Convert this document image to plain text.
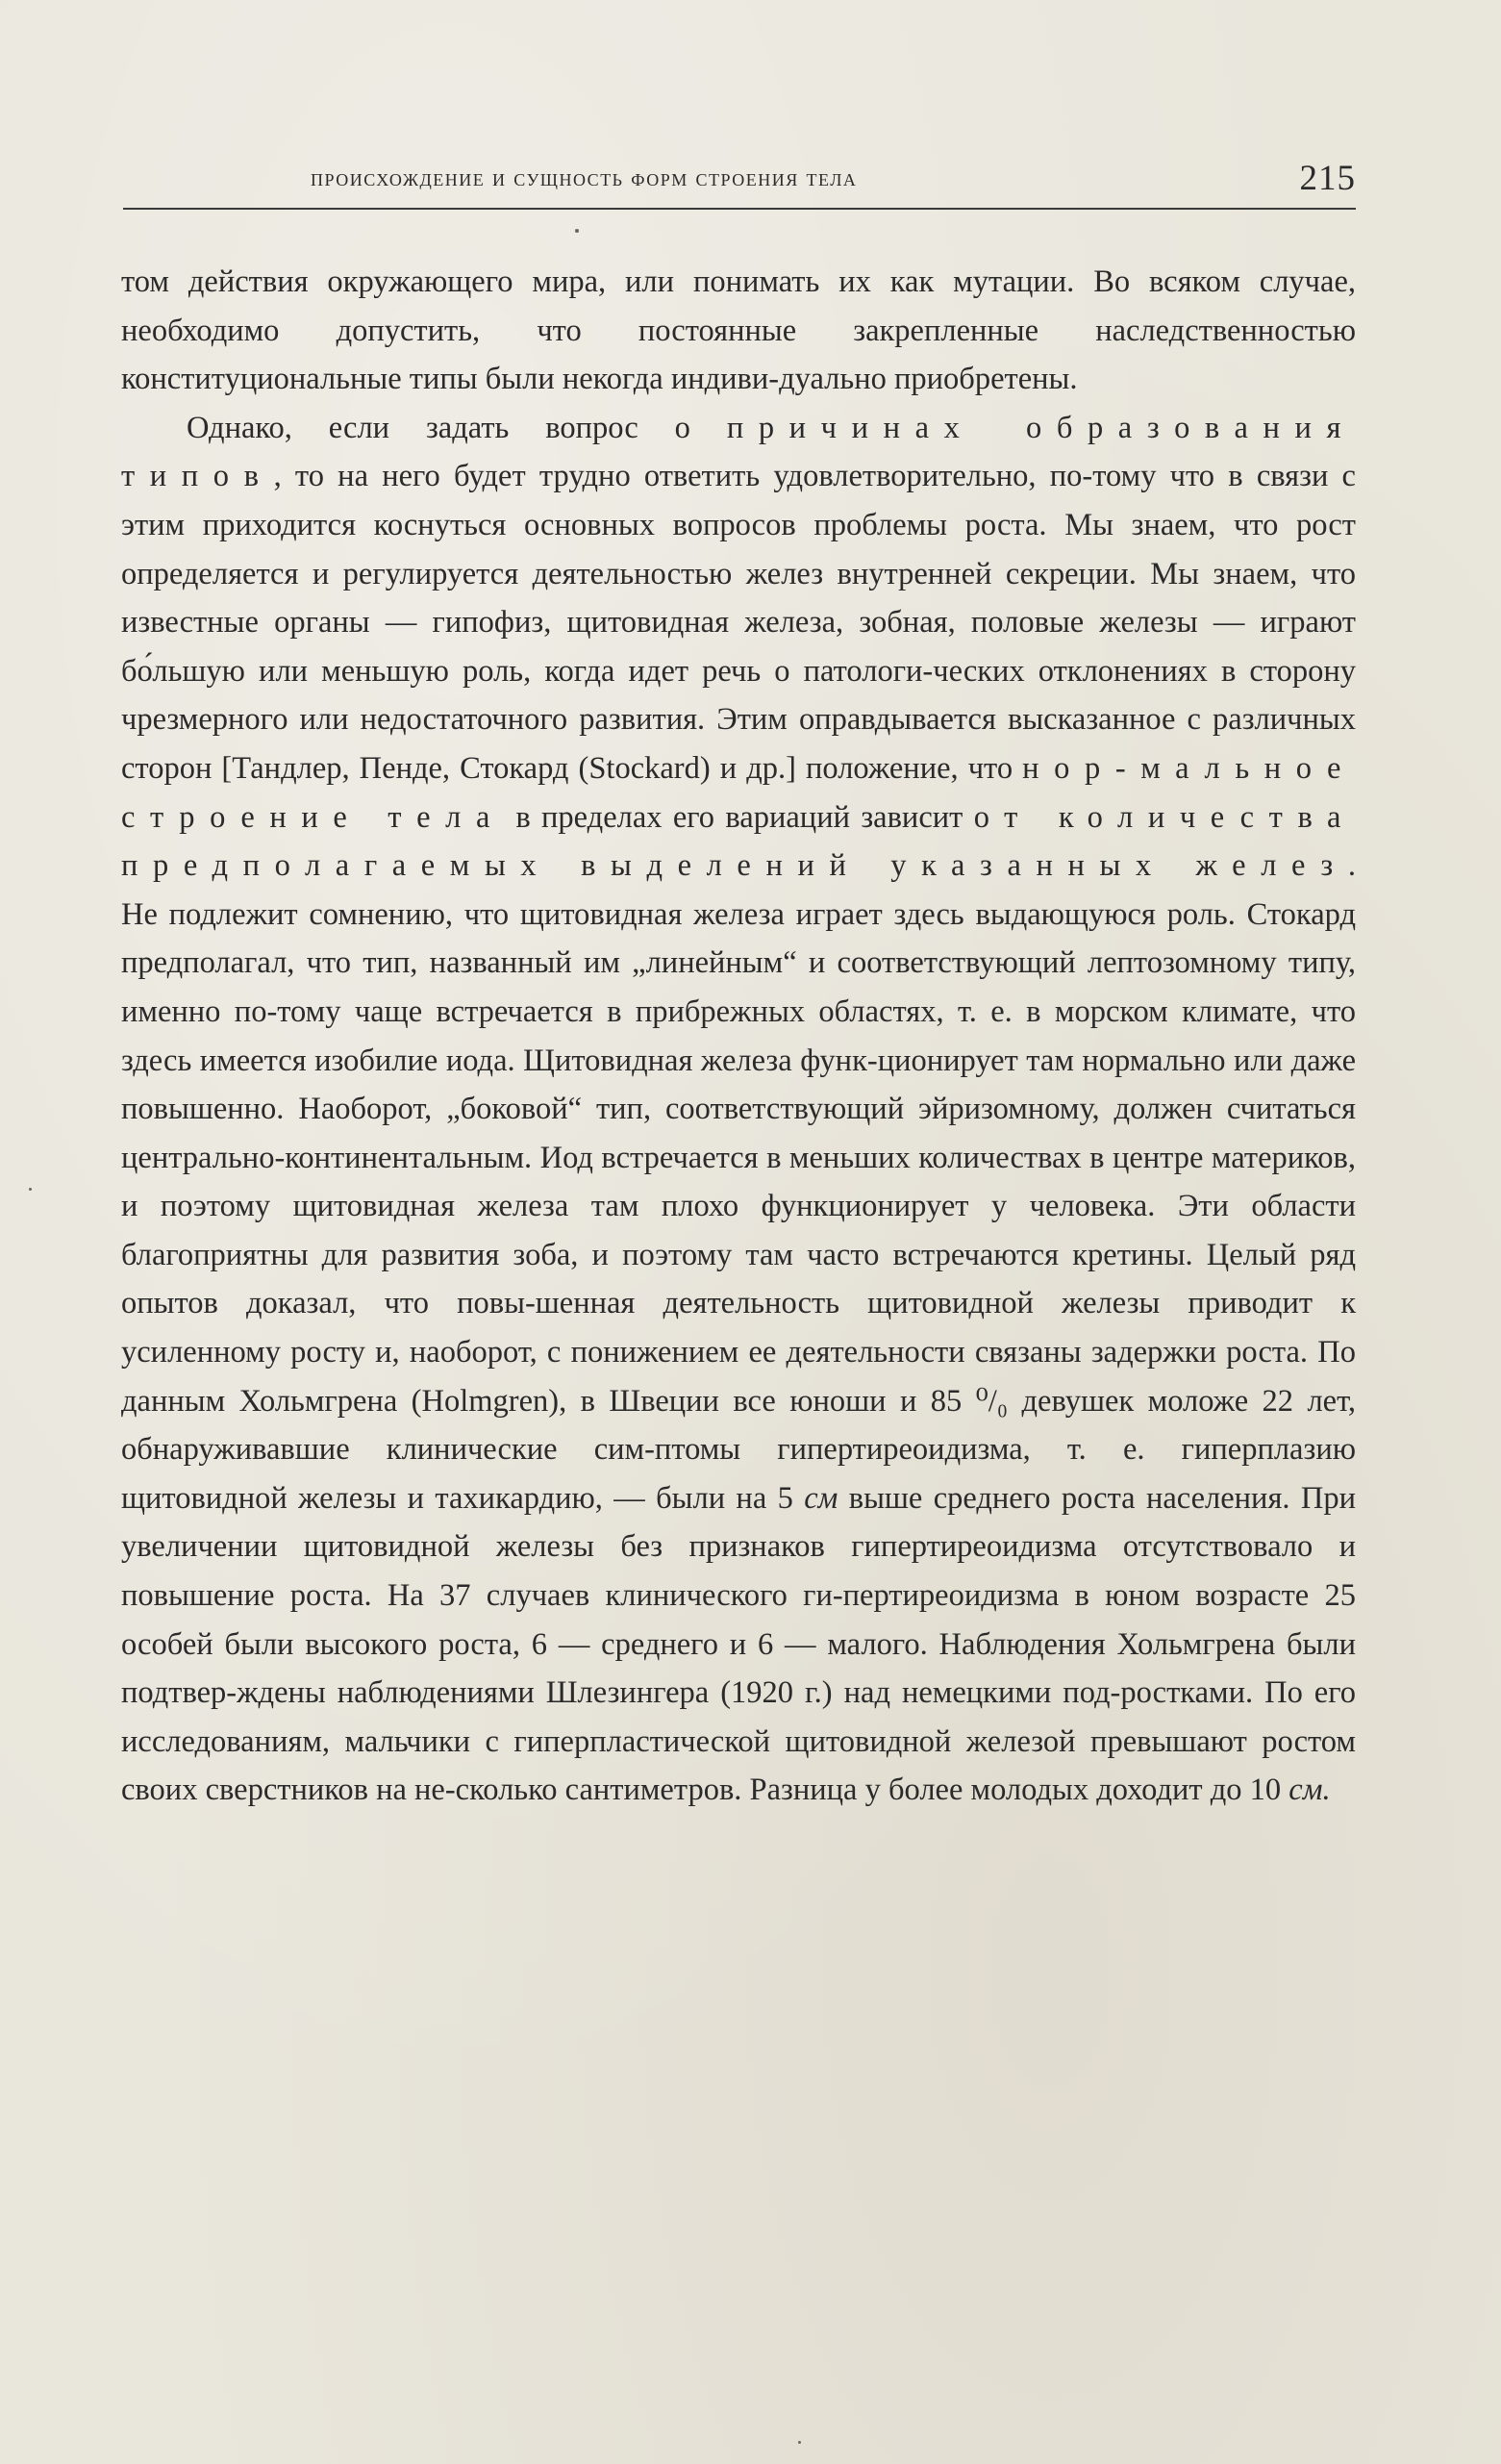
происхождение и сущность форм строения тела	215

том действия окружающего мира, или понимать их как мутации. Во всяком случае, необходимо допустить, что постоянные закрепленные наследственностью конституциональные типы были некогда индиви-дуально приобретены.

Однако, если задать вопрос о причинах образования типов, то на него будет трудно ответить удовлетворительно, по-тому что в связи с этим приходится коснуться основных вопросов проблемы роста. Мы знаем, что рост определяется и регулируется деятельностью желез внутренней секреции. Мы знаем, что известные органы — гипофиз, щитовидная железа, зобная, половые железы — играют бо́льшую или меньшую роль, когда идет речь о патологи-ческих отклонениях в сторону чрезмерного или недостаточного развития. Этим оправдывается высказанное с различных сторон [Тандлер, Пенде, Стокард (Stockard) и др.] положение, что нор-мальное строение тела в пределах его вариаций зависит от количества предполагаемых выделений указанных желез. Не подлежит сомнению, что щитовидная железа играет здесь выдающуюся роль. Стокард предполагал, что тип, названный им „линейным“ и соответствующий лептозомному типу, именно по-тому чаще встречается в прибрежных областях, т. е. в морском климате, что здесь имеется изобилие иода. Щитовидная железа функ-ционирует там нормально или даже повышенно. Наоборот, „боковой“ тип, соответствующий эйризомному, должен считаться центрально-континентальным. Иод встречается в меньших количествах в центре материков, и поэтому щитовидная железа там плохо функционирует у человека. Эти области благоприятны для развития зоба, и поэтому там часто встречаются кретины. Целый ряд опытов доказал, что повы-шенная деятельность щитовидной железы приводит к усиленному росту и, наоборот, с понижением ее деятельности связаны задержки роста. По данным Хольмгрена (Holmgren), в Швеции все юноши и 85 ⁰/₀ девушек моложе 22 лет, обнаруживавшие клинические сим-птомы гипертиреоидизма, т. е. гиперплазию щитовидной железы и тахикардию, — были на 5 см выше среднего роста населения. При увеличении щитовидной железы без признаков гипертиреоидизма отсутствовало и повышение роста. На 37 случаев клинического ги-пертиреоидизма в юном возрасте 25 особей были высокого роста, 6 — среднего и 6 — малого. Наблюдения Хольмгрена были подтвер-ждены наблюдениями Шлезингера (1920 г.) над немецкими под-ростками. По его исследованиям, мальчики с гиперпластической щитовидной железой превышают ростом своих сверстников на не-сколько сантиметров. Разница у более молодых доходит до 10 см.
